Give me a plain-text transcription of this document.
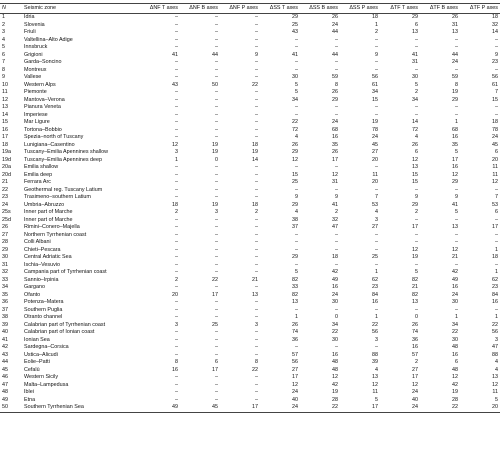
N	Seismic zone	ΔNF T axes	ΔNF B axes	ΔNF P axes	ΔSS T axes	ΔSS B axes	ΔSS P axes	ΔTF T axes	ΔTF B axes	ΔTF P axes
1	Idria	–	–	–	29	26	18	29	26	18
2	Slovenia	–	–	–	25	24	1	6	31	32
3	Friuli	–	–	–	43	44	2	13	13	14
4	Valtellina–Alto Adige	–	–	–	–	–	–	–	–	–
5	Innsbruck	–	–	–	–	–	–	–	–	–
6	Grigioni	41	44	9	41	44	9	41	44	9
7	Garda–Soncino	–	–	–	–	–	–	31	24	23
8	Montreux	–	–	–	–	–	–	–	–	–
9	Vallese	–	–	–	30	59	56	30	59	56
10	Western Alps	43	50	22	5	8	61	5	8	61
11	Piemonte	–	–	–	5	26	34	2	19	7
12	Mantova–Verona	–	–	–	34	29	15	34	29	15
13	Pianura Veneta	–	–	–	–	–	–	–	–	–
14	Imperiese	–	–	–	–	–	–	–	–	–
15	Mar Ligure	–	–	–	22	24	19	14	1	18
16	Tortona–Bobbio	–	–	–	72	68	78	72	68	78
17	Spezia–north of Tuscany	–	–	–	4	16	24	4	16	24
18	Lunigiana–Casentino	12	19	18	26	35	45	26	35	45
19a	Tuscany–Emilia Apennines shallow	3	19	19	29	26	27	6	5	6
19d	Tuscany–Emilia Apennines deep	1	0	14	12	17	20	12	17	20
20a	Emilia shallow	–	–	–	–	–	–	13	16	11
20d	Emilia deep	–	–	–	15	12	11	15	12	11
21	Ferrara Arc	–	–	–	25	31	20	15	29	12
22	Geothermal reg. Tuscany Latium	–	–	–	–	–	–	–	–	–
23	Trasimeno–southern Latium	–	–	–	9	9	7	9	9	7
24	Umbria–Abruzzo	18	19	18	29	41	53	29	41	53
25s	Inner part of Marche	2	3	2	4	2	4	2	5	6
25d	Inner part of Marche	–	–	–	38	32	3	–	–	–
26	Rimini–Conero–Majella	–	–	–	37	47	27	17	13	17
27	Northern Tyrrhenian coast	–	–	–	–	–	–	–	–	–
28	Colli Albani	–	–	–	–	–	–	–	–	–
29	Chieti–Pescara	–	–	–	–	–	–	12	12	1
30	Central Adriatic Sea	–	–	–	29	18	25	19	21	18
31	Ischia–Vesuvio	–	–	–	–	–	–	–	–	–
32	Campania part of Tyrrhenian coast	–	–	–	5	42	1	5	42	1
33	Sannio–Irpinia	2	22	21	82	49	62	82	49	62
34	Gargano	–	–	–	33	16	23	21	16	23
35	Ofanto	20	17	13	82	24	84	82	24	84
36	Potenza–Matera	–	–	–	13	30	16	13	30	16
37	Southern Puglia	–	–	–	–	–	–	–	–	–
38	Otranto channel	–	–	–	1	0	1	0	1	1
39	Calabrian part of Tyrrhenian coast	3	25	3	26	34	22	26	34	22
40	Calabrian part of Ionian coast	–	–	–	74	22	56	74	22	56
41	Ionian Sea	–	–	–	36	30	3	36	30	3
42	Sardegna–Corsica	–	–	–	–	–	–	16	48	47
43	Ustica–Alicudi	–	–	–	57	16	88	57	16	88
44	Eolie–Patti	8	6	8	56	48	39	2	6	4
45	Cefalù	16	17	22	27	48	4	27	48	4
46	Western Sicily	–	–	–	17	12	13	17	12	13
47	Malta–Lampedusa	–	–	–	12	42	12	12	42	12
48	Iblei	–	–	–	24	19	11	24	19	11
49	Etna	–	–	–	40	28	5	40	28	5
50	Southern Tyrrhenian Sea	49	45	17	24	22	17	24	22	20
